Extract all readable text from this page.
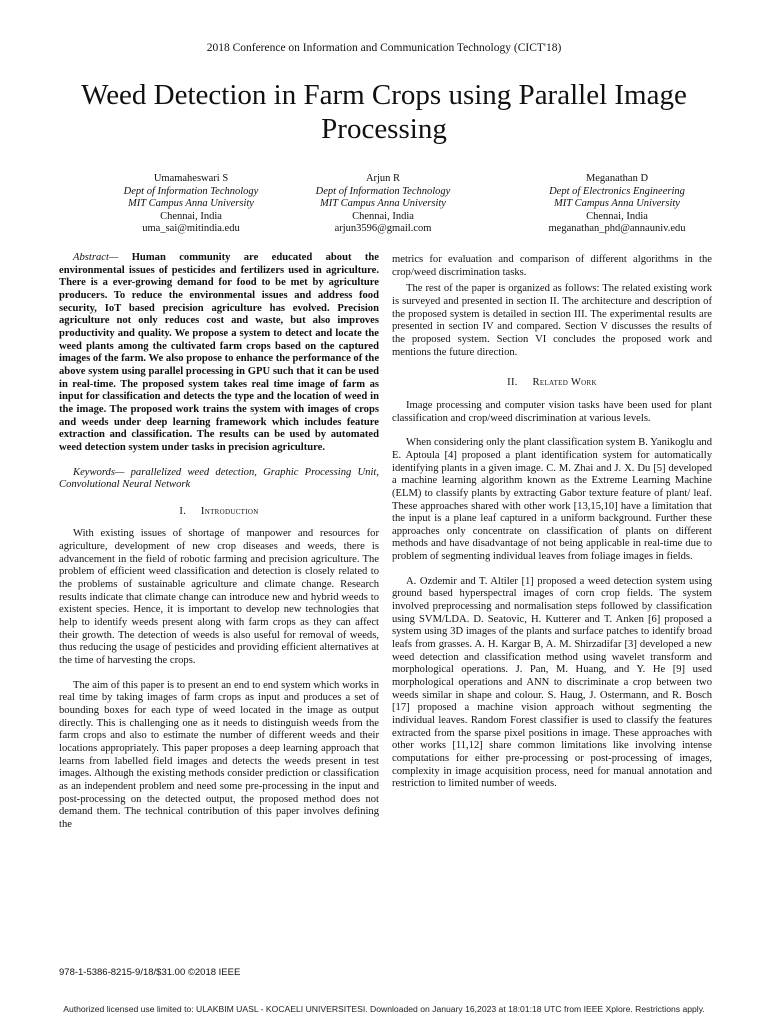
2018 Conference on Information and Communication Technology (CICT'18)
Weed Detection in Farm Crops using Parallel Image Processing
Umamaheswari S
Dept of Information Technology
MIT Campus Anna University
Chennai, India
uma_sai@mitindia.edu
Arjun R
Dept of Information Technology
MIT Campus Anna University
Chennai, India
arjun3596@gmail.com
Meganathan D
Dept of Electronics Engineering
MIT Campus Anna University
Chennai, India
meganathan_phd@annauniv.edu

Abstract— Human community are educated about the environmental issues of pesticides and fertilizers used in agriculture. There is a ever-growing demand for food to be met by agriculture producers. To reduce the environmental issues and address food security, IoT based precision agriculture has evolved. Precision agriculture not only reduces cost and waste, but also improves productivity and quality. We propose a system to detect and locate the weed plants among the cultivated farm crops based on the captured images of the farm. We also propose to enhance the performance of the above system using parallel processing in GPU such that it can be used in real-time. The proposed system takes real time image of farm as input for classification and detects the type and the location of weed in the image. The proposed work trains the system with images of crops and weeds under deep learning framework which includes feature extraction and classification. The results can be used by automated weed detection system under tasks in precision agriculture.

Keywords— parallelized weed detection, Graphic Processing Unit, Convolutional Neural Network

I. Introduction

With existing issues of shortage of manpower and resources for agriculture, development of new crop diseases and weeds, there is advancement in the field of robotic farming and precision agriculture. The problem of efficient weed classification and detection is closely related to the problems of sustainable agriculture and climate change. Research results indicate that climate change can introduce new and hybrid weeds to existent species. Hence, it is important to develop new technologies that help to identify weeds present along with farm crops as they can affect their growth. The detection of weeds is also useful for removal of weeds, thus reducing the usage of pesticides and providing efficient alternatives at the time of harvesting the crops.

The aim of this paper is to present an end to end system which works in real time by taking images of farm crops as input and produces a set of bounding boxes for each type of weed located in the image as output directly. This is challenging one as it needs to distinguish weeds from the farm crops and also to estimate the number of different weeds and their locations appropriately. This paper proposes a deep learning approach that learns from labelled field images and detects the weeds present in test images. Although the existing methods consider prediction or classification as an independent problem and need some pre-processing in the input and post-processing on the detected output, the proposed method does not demand them. The technical contribution of this paper involves defining the

metrics for evaluation and comparison of different algorithms in the crop/weed discrimination tasks.

The rest of the paper is organized as follows: The related existing work is surveyed and presented in section II. The architecture and description of the proposed system is detailed in section III. The experimental results are presented in section IV and compared. Section V discusses the results of the proposed system. Section VI concludes the proposed work and mentions the future direction.

II. Related Work

Image processing and computer vision tasks have been used for plant classification and crop/weed discrimination at various levels.

When considering only the plant classification system B. Yanikoglu and E. Aptoula [4] proposed a plant identification system for automatically identifying plants in a given image. C. M. Zhai and J. X. Du [5] developed a machine learning algorithm known as the Extreme Learning Machine (ELM) to classify plants by extracting Gabor texture feature of plant/ leaf. These approaches shared with other work [13,15,10] have a limitation that the input is a plane leaf captured in a uniform background. Further these approaches only concentrate on classification of plants on different methods and have disadvantage of not being applicable in real-time due to problem of segmenting individual leaves from foliage images in fields.

A. Ozdemir and T. Altiler [1] proposed a weed detection system using ground based hyperspectral images of corn crop fields. The system involved preprocessing and normalisation steps followed by classification using SVM/LDA. D. Seatovic, H. Kutterer and T. Anken [6] proposed a system using 3D images of the plants and surface patches to identify broad leafs from grasses. A. H. Kargar B, A. M. Shirzadifar [3] developed a new weed detection and classification method using wavelet transform and morphological operations. J. Pan, M. Huang, and Y. He [9] used morphological operations and ANN to discriminate a crop between two weeds similar in shape and colour. S. Haug, J. Ostermann, and R. Bosch [17] proposed a machine vision approach without segmenting the individual leaves. Random Forest classifier is used to classify the features extracted from the sparse pixel positions in image. These approaches with other works [11,12] share common limitations like involving intense computations for either pre-processing or post-processing of images, complexity in image acquisition process, need for manual annotation and restriction to limited number of weeds.

978-1-5386-8215-9/18/$31.00 ©2018 IEEE
Authorized licensed use limited to: ULAKBIM UASL - KOCAELI UNIVERSITESI. Downloaded on January 16,2023 at 18:01:18 UTC from IEEE Xplore. Restrictions apply.
